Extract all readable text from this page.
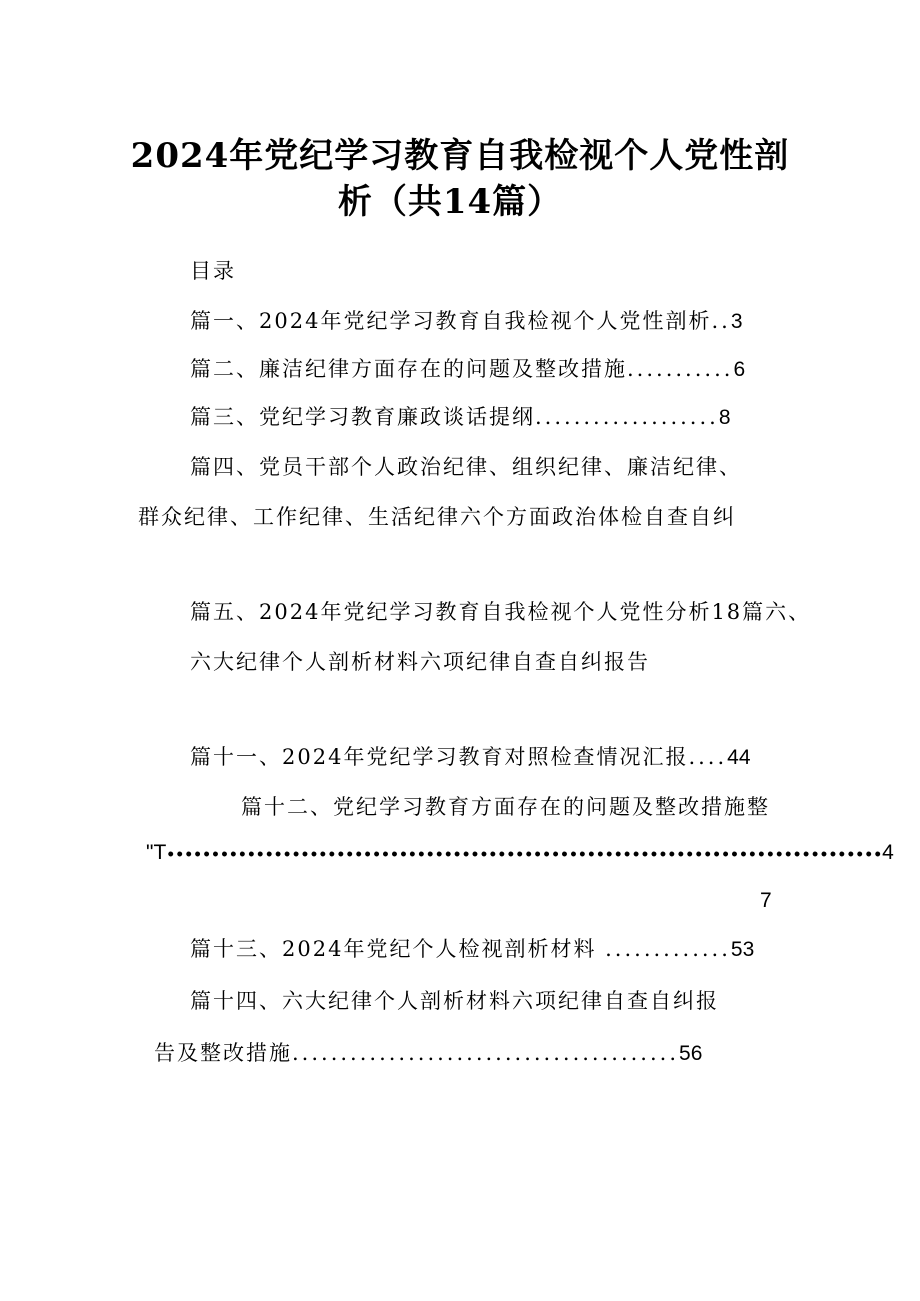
2024年党纪学习教育自我检视个人党性剖
析（共14篇）
目录
篇一、2024年党纪学习教育自我检视个人党性剖析..3
篇二、廉洁纪律方面存在的问题及整改措施...........6
篇三、党纪学习教育廉政谈话提纲...................8
篇四、党员干部个人政治纪律、组织纪律、廉洁纪律、
群众纪律、工作纪律、生活纪律六个方面政治体检自查自纠
篇五、2024年党纪学习教育自我检视个人党性分析18篇六、
六大纪律个人剖析材料六项纪律自查自纠报告
篇十一、2024年党纪学习教育对照检查情况汇报....44
篇十二、党纪学习教育方面存在的问题及整改措施整
"T •••••••••••••••••••••••••••••••••••••••••••••••••••••••••••••••••••••••••••••••• 4
7
篇十三、2024年党纪个人检视剖析材料 .............53
篇十四、六大纪律个人剖析材料六项纪律自查自纠报
告及整改措施........................................56
